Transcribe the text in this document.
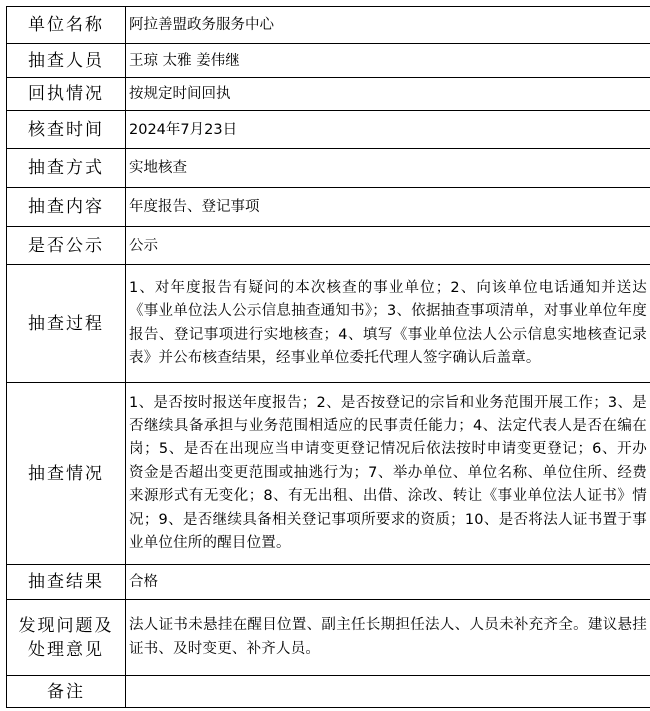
单位名称	阿拉善盟政务服务中心
抽查人员	王琼 太雅 姜伟继
回执情况	按规定时间回执
核查时间	2024年7月23日
抽查方式	实地核查
抽查内容	年度报告、登记事项
是否公示	公示
抽查过程	1、对年度报告有疑问的本次核查的事业单位；2、向该单位电话通知并送达《事业单位法人公示信息抽查通知书》；3、依据抽查事项清单，对事业单位年度报告、登记事项进行实地核查；4、填写《事业单位法人公示信息实地核查记录表》并公布核查结果，经事业单位委托代理人签字确认后盖章。
抽查情况	1、是否按时报送年度报告；2、是否按登记的宗旨和业务范围开展工作；3、是否继续具备承担与业务范围相适应的民事责任能力；4、法定代表人是否在编在岗；5、是否在出现应当申请变更登记情况后依法按时申请变更登记；6、开办资金是否超出变更范围或抽逃行为；7、举办单位、单位名称、单位住所、经费来源形式有无变化；8、有无出租、出借、涂改、转让《事业单位法人证书》情况；9、是否继续具备相关登记事项所要求的资质；10、是否将法人证书置于事业单位住所的醒目位置。
抽查结果	合格

发现问题及
处理意见	法人证书未悬挂在醒目位置、副主任长期担任法人、人员未补充齐全。建议悬挂证书、及时变更、补齐人员。
备注	
